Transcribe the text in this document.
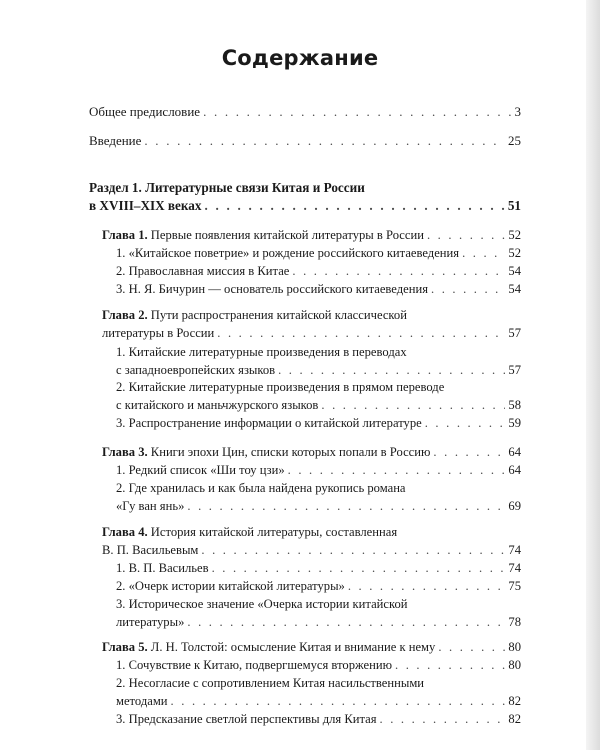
Содержание
Общее предисловие . . .	3
Введение . . .	25
Раздел 1. Литературные связи Китая и России
в XVIII–XIX веках . . .	51
Глава 1. Первые появления китайской литературы в России . . .	52
1. «Китайское поветрие» и рождение российского китаеведения . . .	52
2. Православная миссия в Китае . . .	54
3. Н. Я. Бичурин — основатель российского китаеведения . . .	54
Глава 2. Пути распространения китайской классической
литературы в России . . .	57
1. Китайские литературные произведения в переводах
с западноевропейских языков . . .	57
2. Китайские литературные произведения в прямом переводе
с китайского и маньчжурского языков . . .	58
3. Распространение информации о китайской литературе . . .	59
Глава 3. Книги эпохи Цин, списки которых попали в Россию . . .	64
1. Редкий список «Ши тоу цзи» . . .	64
2. Где хранилась и как была найдена рукопись романа
«Гу ван янь» . . .	69
Глава 4. История китайской литературы, составленная
В. П. Васильевым . . .	74
1. В. П. Васильев . . .	74
2. «Очерк истории китайской литературы» . . .	75
3. Историческое значение «Очерка истории китайской
литературы» . . .	78
Глава 5. Л. Н. Толстой: осмысление Китая и внимание к нему . . .	80
1. Сочувствие к Китаю, подвергшемуся вторжению . . .	80
2. Несогласие с сопротивлением Китая насильственными
методами . . .	82
3. Предсказание светлой перспективы для Китая . . .	82
